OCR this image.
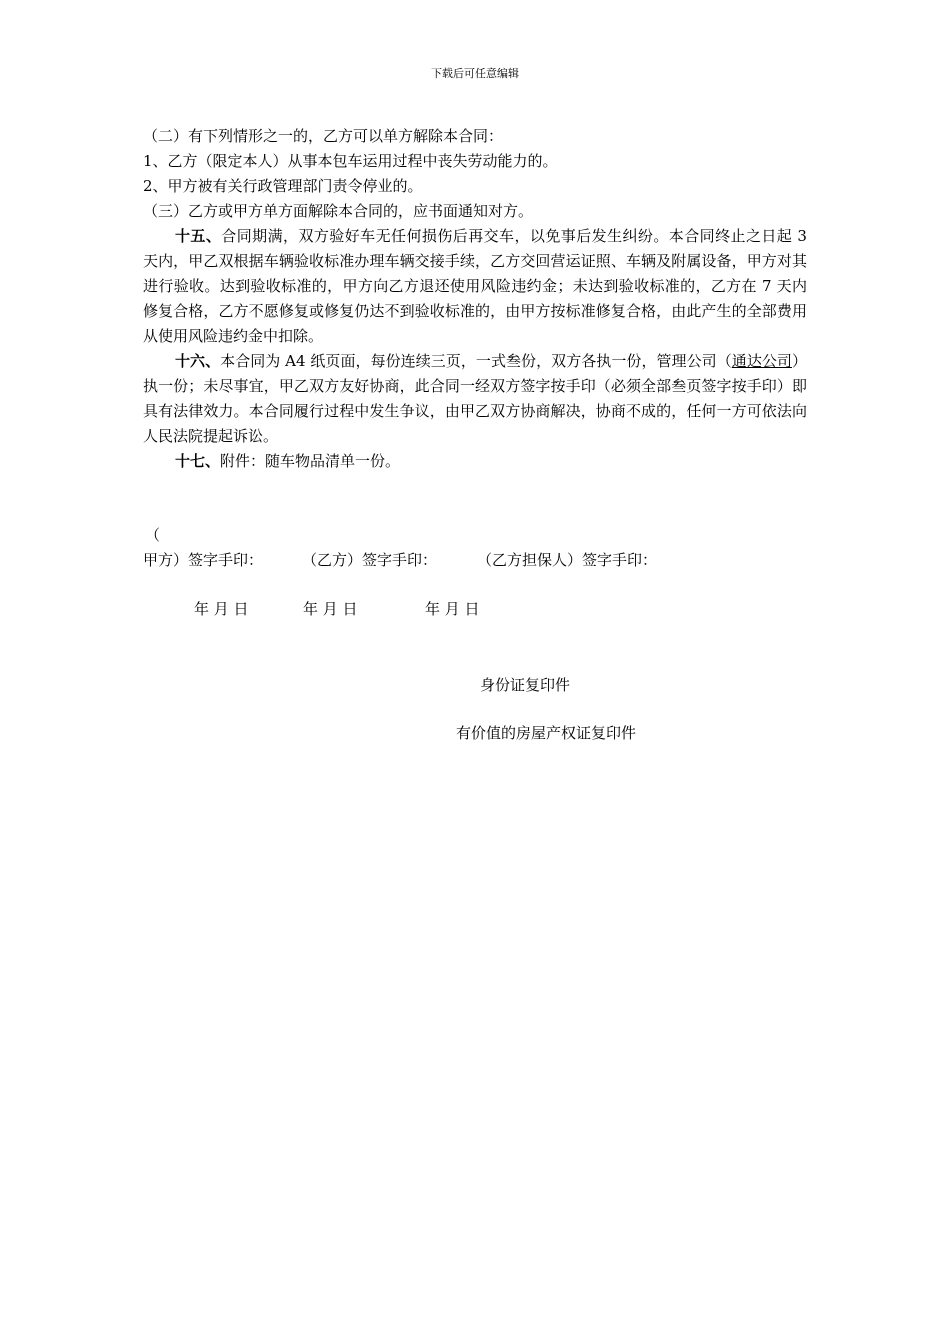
下载后可任意编辑

（二）有下列情形之一的，乙方可以单方解除本合同：

1、乙方（限定本人）从事本包车运用过程中丧失劳动能力的。

2、甲方被有关行政管理部门责令停业的。

（三）乙方或甲方单方面解除本合同的，应书面通知对方。

十五、合同期满，双方验好车无任何损伤后再交车，以免事后发生纠纷。本合同终止之日起 3 天内，甲乙双根据车辆验收标准办理车辆交接手续，乙方交回营运证照、车辆及附属设备，甲方对其进行验收。达到验收标准的，甲方向乙方退还使用风险违约金；未达到验收标准的，乙方在 7 天内修复合格，乙方不愿修复或修复仍达不到验收标准的，由甲方按标准修复合格，由此产生的全部费用从使用风险违约金中扣除。

十六、本合同为 A4 纸页面，每份连续三页，一式叁份，双方各执一份，管理公司（通达公司）执一份；未尽事宜，甲乙双方友好协商，此合同一经双方签字按手印（必须全部叁页签字按手印）即具有法律效力。本合同履行过程中发生争议，由甲乙双方协商解决，协商不成的，任何一方可依法向人民法院提起诉讼。

十七、附件：随车物品清单一份。

（
甲方）签字手印：	（乙方）签字手印：	（乙方担保人）签字手印：
年 月 日	年 月 日	年 月 日
身份证复印件
有价值的房屋产权证复印件
